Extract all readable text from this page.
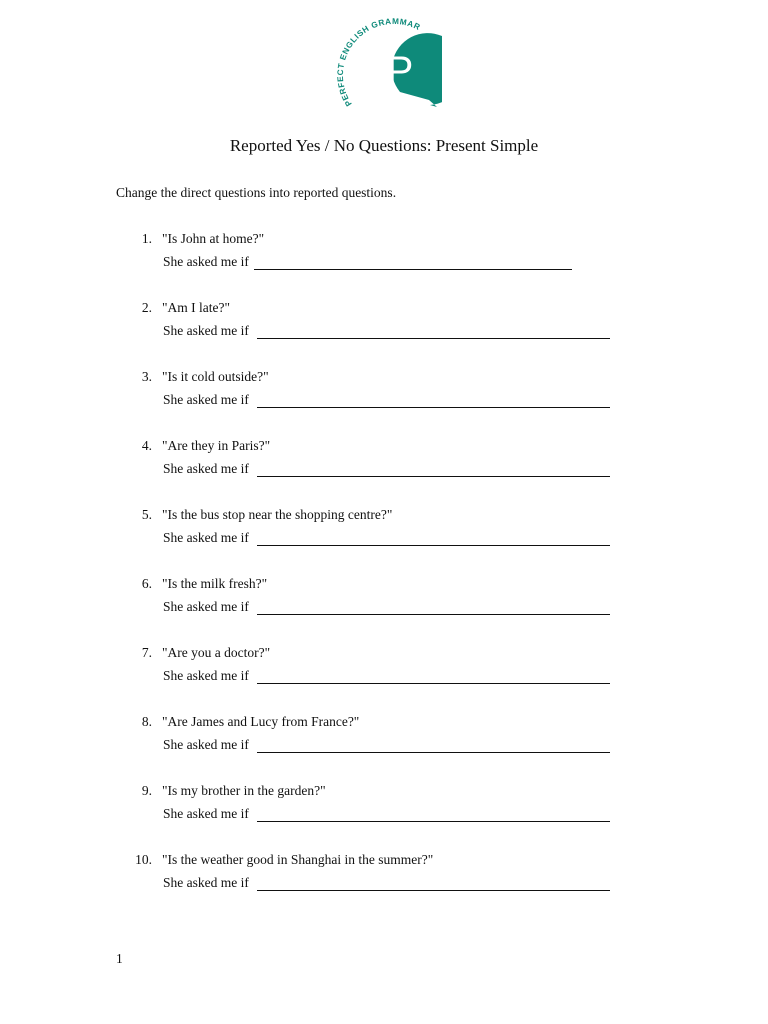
PERFECT ENGLISH GRAMMAR
P
Reported Yes / No Questions: Present Simple
Change the direct questions into reported questions.
1. "Is John at home?"
She asked me if
2. "Am I late?"
She asked me if
3. "Is it cold outside?"
She asked me if
4. "Are they in Paris?"
She asked me if
5. "Is the bus stop near the shopping centre?"
She asked me if
6. "Is the milk fresh?"
She asked me if
7. "Are you a doctor?"
She asked me if
8. "Are James and Lucy from France?"
She asked me if
9. "Is my brother in the garden?"
She asked me if
10. "Is the weather good in Shanghai in the summer?"
She asked me if
1
